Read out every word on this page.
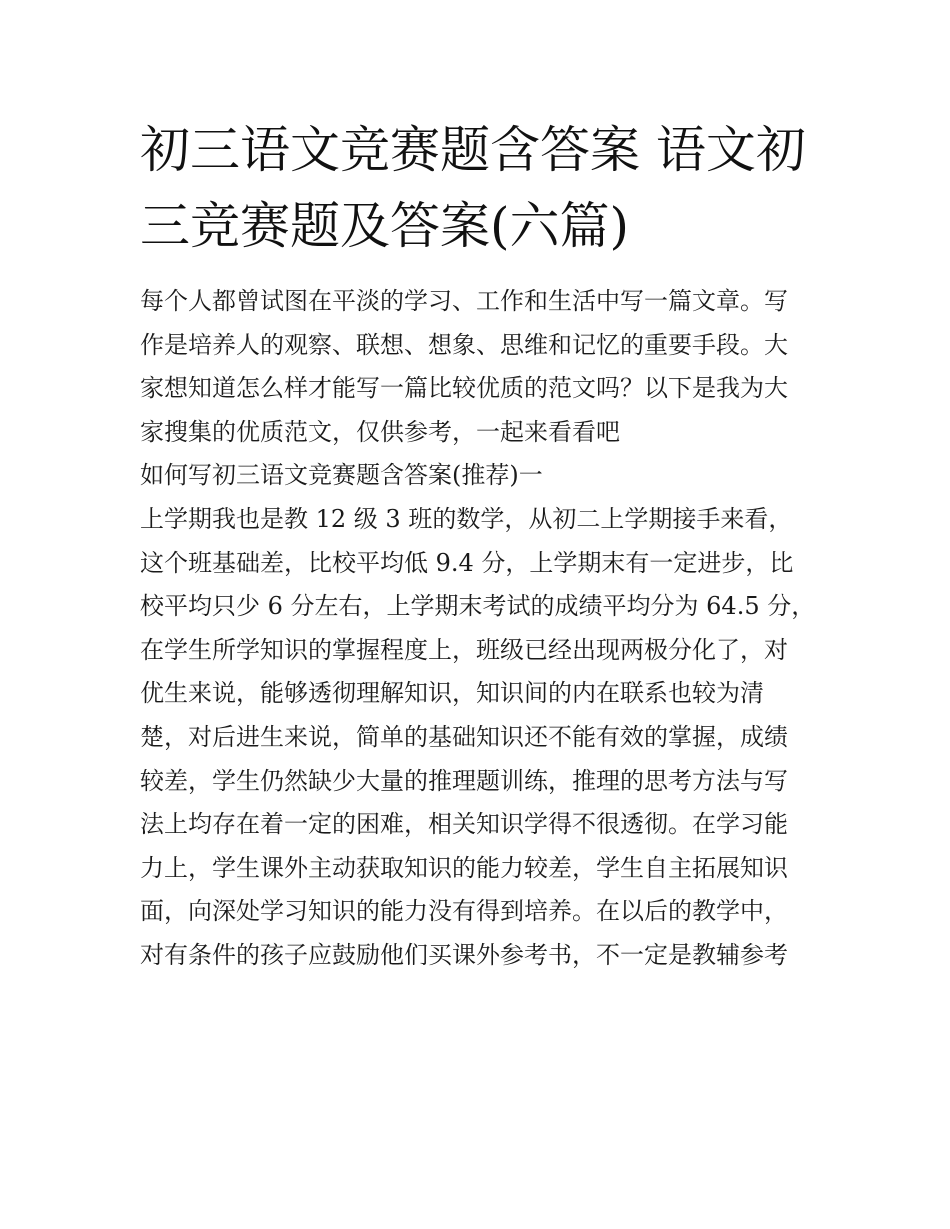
初三语文竞赛题含答案 语文初
三竞赛题及答案(六篇)
每个人都曾试图在平淡的学习、工作和生活中写一篇文章。写
作是培养人的观察、联想、想象、思维和记忆的重要手段。大
家想知道怎么样才能写一篇比较优质的范文吗？以下是我为大
家搜集的优质范文，仅供参考，一起来看看吧
如何写初三语文竞赛题含答案(推荐)一
上学期我也是教 12 级 3 班的数学，从初二上学期接手来看，
这个班基础差，比校平均低 9.4 分，上学期末有一定进步，比
校平均只少 6 分左右，上学期末考试的成绩平均分为 64.5 分，
在学生所学知识的掌握程度上，班级已经出现两极分化了，对
优生来说，能够透彻理解知识，知识间的内在联系也较为清
楚，对后进生来说，简单的基础知识还不能有效的掌握，成绩
较差，学生仍然缺少大量的推理题训练，推理的思考方法与写
法上均存在着一定的困难，相关知识学得不很透彻。在学习能
力上，学生课外主动获取知识的能力较差，学生自主拓展知识
面，向深处学习知识的能力没有得到培养。在以后的教学中，
对有条件的孩子应鼓励他们买课外参考书，不一定是教辅参考
